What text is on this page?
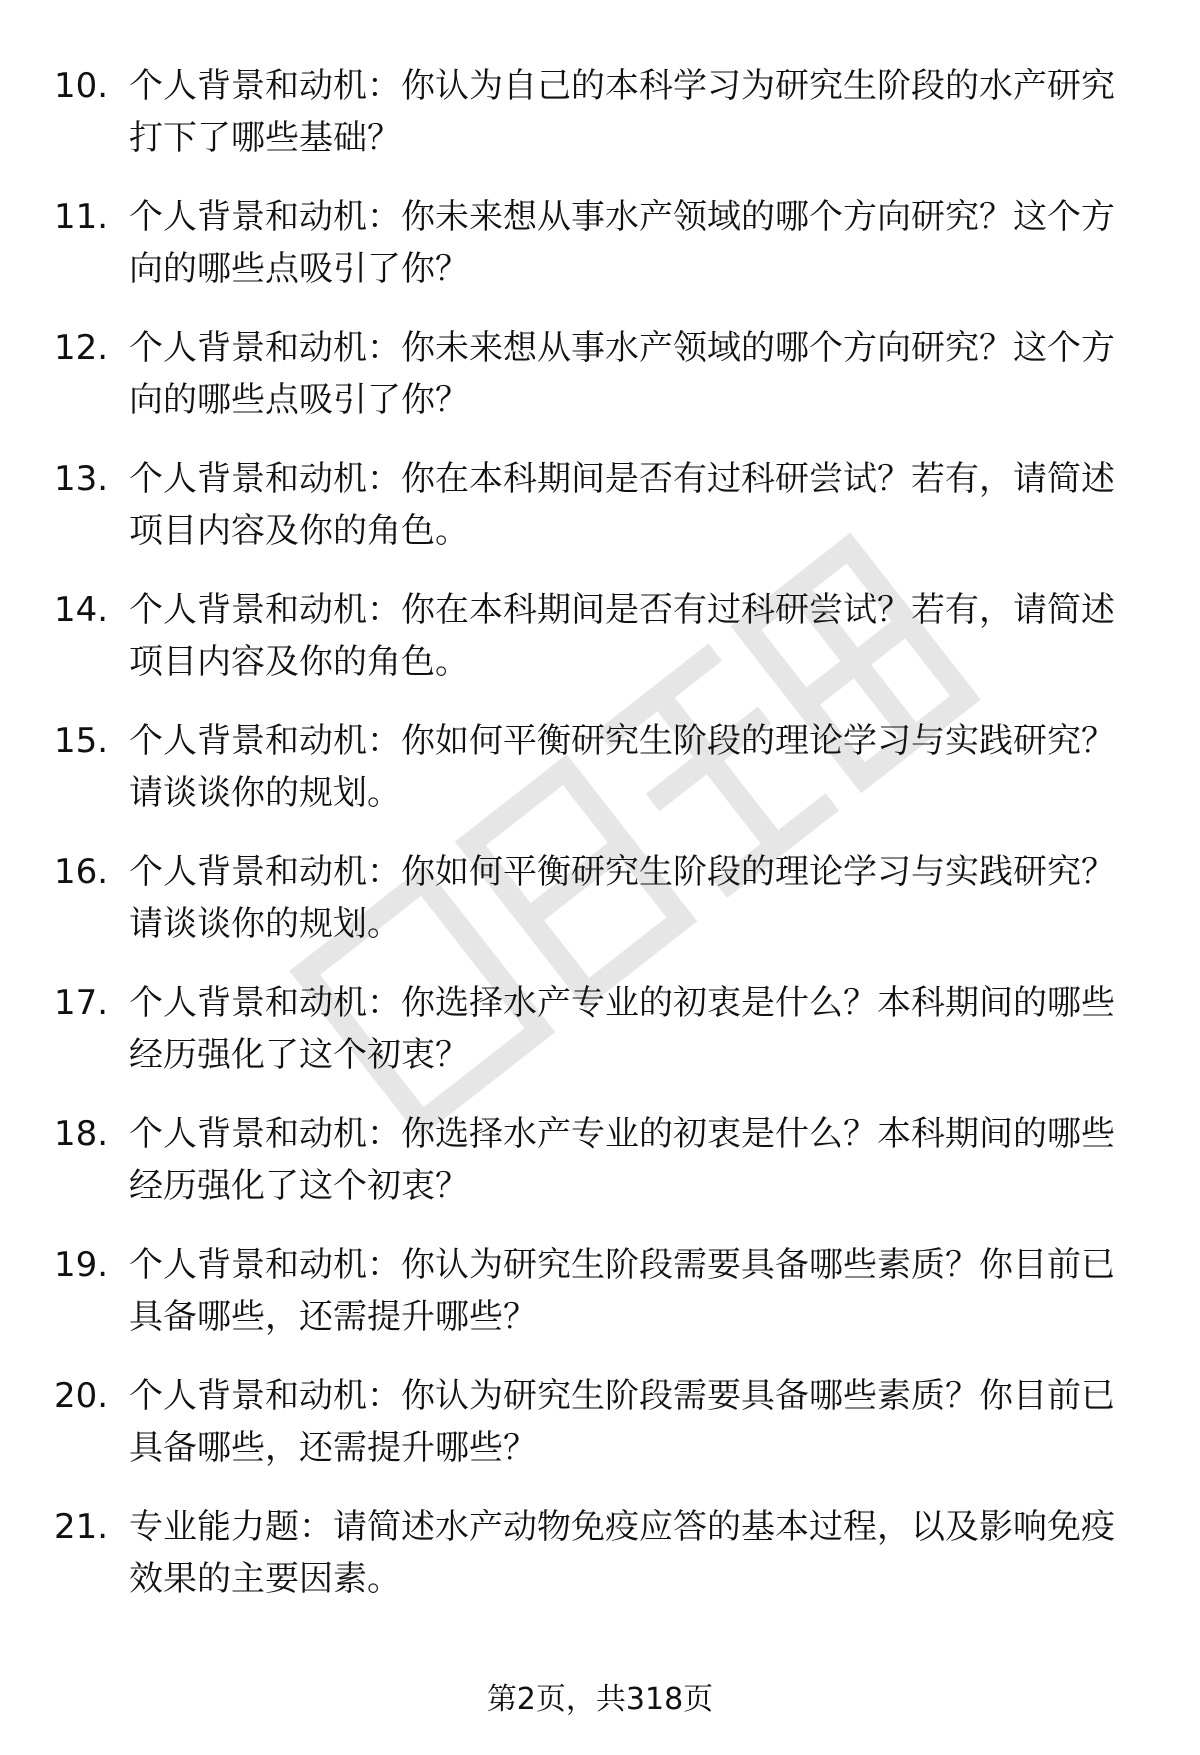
10. 个人背景和动机：你认为自己的本科学习为研究生阶段的水产研究打下了哪些基础？
11. 个人背景和动机：你未来想从事水产领域的哪个方向研究？这个方向的哪些点吸引了你？
12. 个人背景和动机：你未来想从事水产领域的哪个方向研究？这个方向的哪些点吸引了你？
13. 个人背景和动机：你在本科期间是否有过科研尝试？若有，请简述项目内容及你的角色。
14. 个人背景和动机：你在本科期间是否有过科研尝试？若有，请简述项目内容及你的角色。
15. 个人背景和动机：你如何平衡研究生阶段的理论学习与实践研究？请谈谈你的规划。
16. 个人背景和动机：你如何平衡研究生阶段的理论学习与实践研究？请谈谈你的规划。
17. 个人背景和动机：你选择水产专业的初衷是什么？本科期间的哪些经历强化了这个初衷？
18. 个人背景和动机：你选择水产专业的初衷是什么？本科期间的哪些经历强化了这个初衷？
19. 个人背景和动机：你认为研究生阶段需要具备哪些素质？你目前已具备哪些，还需提升哪些？
20. 个人背景和动机：你认为研究生阶段需要具备哪些素质？你目前已具备哪些，还需提升哪些？
21. 专业能力题：请简述水产动物免疫应答的基本过程，以及影响免疫效果的主要因素。
第2页，共318页
